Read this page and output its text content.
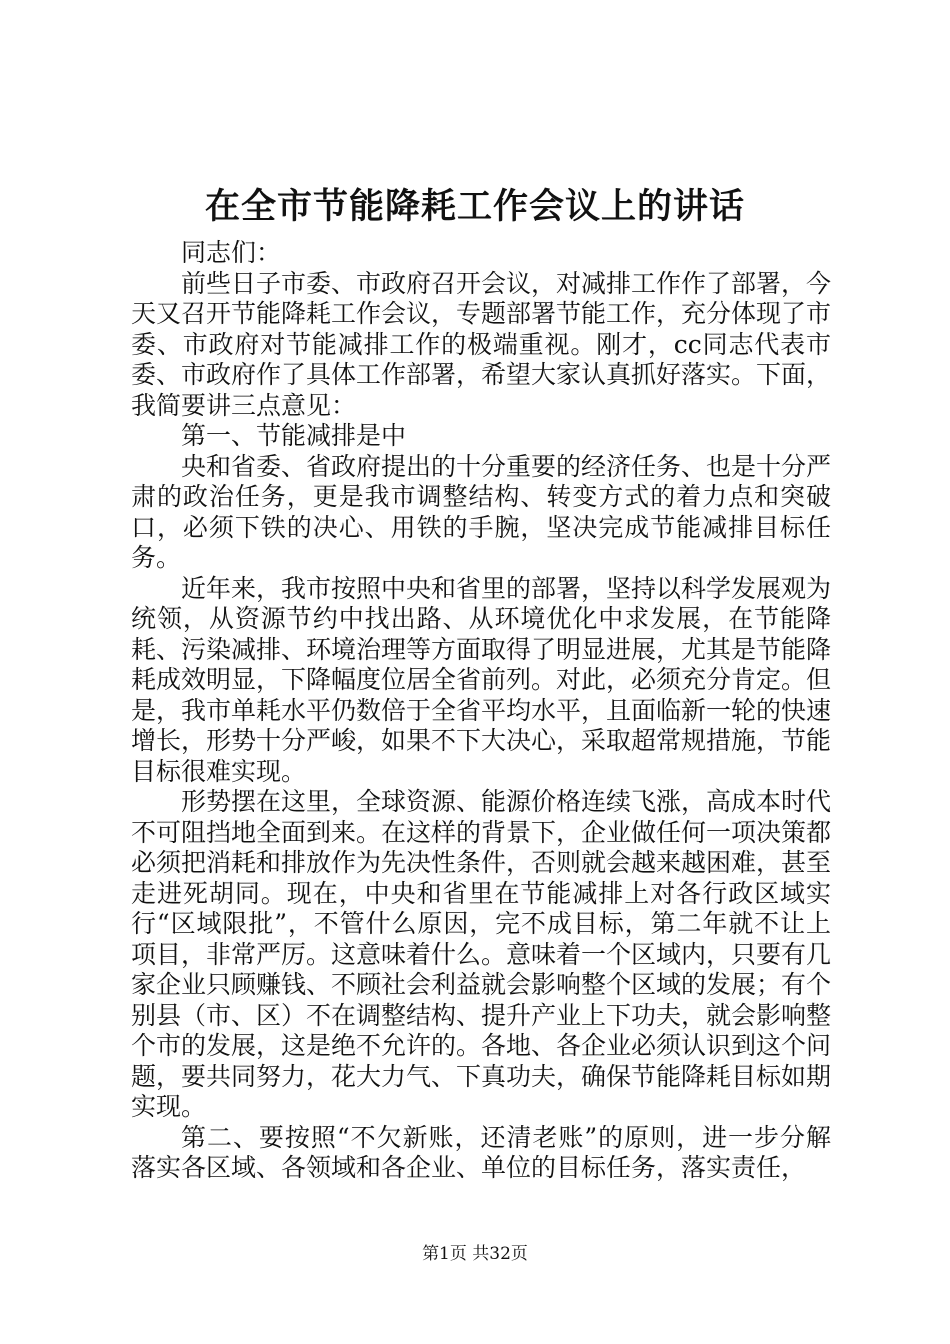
在全市节能降耗工作会议上的讲话

同志们：

前些日子市委、市政府召开会议，对减排工作作了部署，今天又召开节能降耗工作会议，专题部署节能工作，充分体现了市委、市政府对节能减排工作的极端重视。刚才，cc同志代表市委、市政府作了具体工作部署，希望大家认真抓好落实。下面，我简要讲三点意见：

第一、节能减排是中

央和省委、省政府提出的十分重要的经济任务、也是十分严肃的政治任务，更是我市调整结构、转变方式的着力点和突破口，必须下铁的决心、用铁的手腕，坚决完成节能减排目标任务。

近年来，我市按照中央和省里的部署，坚持以科学发展观为统领，从资源节约中找出路、从环境优化中求发展，在节能降耗、污染减排、环境治理等方面取得了明显进展，尤其是节能降耗成效明显，下降幅度位居全省前列。对此，必须充分肯定。但是，我市单耗水平仍数倍于全省平均水平，且面临新一轮的快速增长，形势十分严峻，如果不下大决心，采取超常规措施，节能目标很难实现。

形势摆在这里，全球资源、能源价格连续飞涨，高成本时代不可阻挡地全面到来。在这样的背景下，企业做任何一项决策都必须把消耗和排放作为先决性条件，否则就会越来越困难，甚至走进死胡同。现在，中央和省里在节能减排上对各行政区域实行“区域限批”，不管什么原因，完不成目标，第二年就不让上项目，非常严厉。这意味着什么。意味着一个区域内，只要有几家企业只顾赚钱、不顾社会利益就会影响整个区域的发展；有个别县（市、区）不在调整结构、提升产业上下功夫，就会影响整个市的发展，这是绝不允许的。各地、各企业必须认识到这个问题，要共同努力，花大力气、下真功夫，确保节能降耗目标如期实现。

第二、要按照“不欠新账，还清老账”的原则，进一步分解落实各区域、各领域和各企业、单位的目标任务，落实责任，

第1页 共32页
